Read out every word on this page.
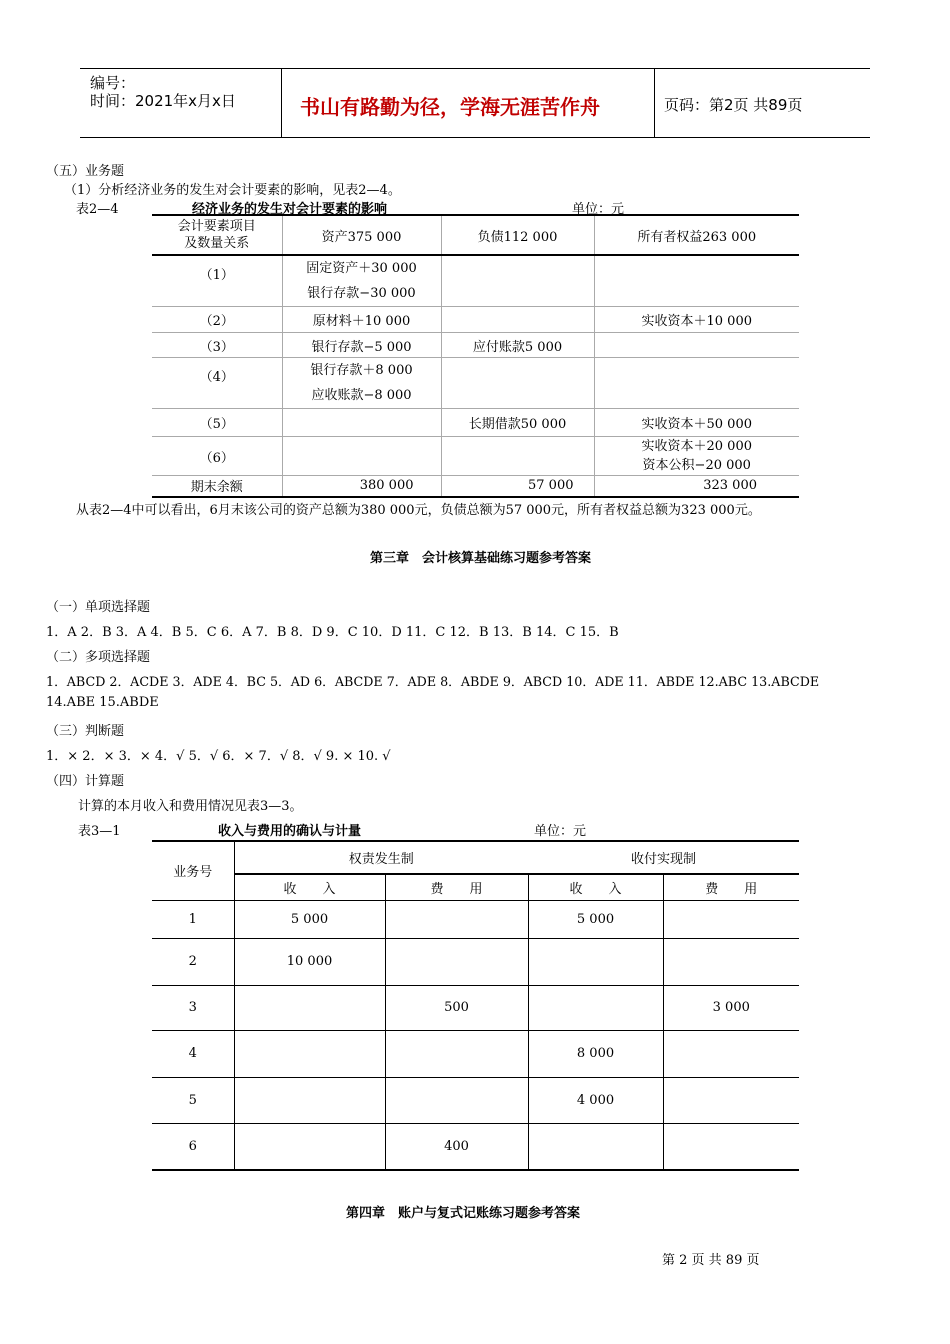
编号：
时间：2021年x月x日	书山有路勤为径，学海无涯苦作舟	页码：第2页 共89页
（五）业务题
（1）分析经济业务的发生对会计要素的影响，见表2—4。
表2—4	经济业务的发生对会计要素的影响	单位：元
会计要素项目
及数量关系	资产375 000	负债112 000	所有者权益263 000
（1）	固定资产＋30 000
银行存款−30 000		

（2）	原材料＋10 000		实收资本＋10 000
（3）	银行存款−5 000	应付账款5 000	
（4）	银行存款＋8 000
应收账款−8 000		

（5）		长期借款50 000	实收资本＋50 000
（6）			实收资本＋20 000
资本公积−20 000

期末余额	380 000	57 000	323 000
从表2—4中可以看出，6月末该公司的资产总额为380 000元，负债总额为57 000元，所有者权益总额为323 000元。
第三章　会计核算基础练习题参考答案
（一）单项选择题
1．A 2．B 3．A 4．B 5．C 6．A 7．B 8．D 9．C 10．D 11．C 12．B 13．B 14．C 15．B
（二）多项选择题
1．ABCD 2．ACDE 3．ADE 4．BC 5．AD 6．ABCDE 7．ADE 8．ABDE 9．ABCD 10．ADE 11．ABDE 12.ABC 13.ABCDE
14.ABE 15.ABDE
（三）判断题
1．× 2．× 3．× 4．√ 5．√ 6．× 7．√ 8．√ 9. × 10. √
（四）计算题
计算的本月收入和费用情况见表3—3。
表3—1	收入与费用的确认与计量	单位：元
业务号	权责发生制		收付实现制	
	收　　入	费　　用	收　　入	费　　用
1	5 000		5 000	
2	10 000			
3		500		3 000
4			8 000	
5			4 000	
6		400		
第四章　账户与复式记账练习题参考答案
第 2 页 共 89 页
